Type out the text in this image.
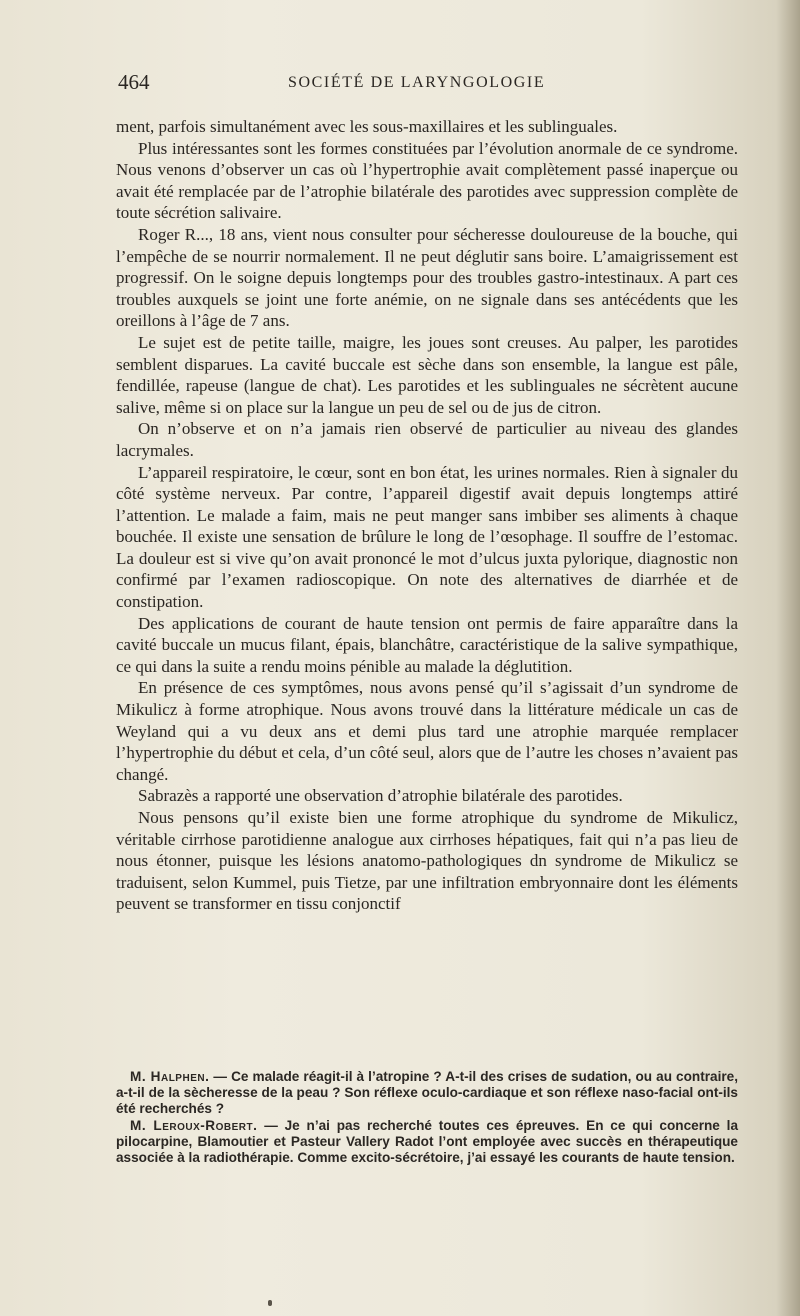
464	SOCIÉTÉ DE LARYNGOLOGIE

ment, parfois simultanément avec les sous-maxillaires et les sublinguales.

Plus intéressantes sont les formes constituées par l’évolution anormale de ce syndrome. Nous venons d’observer un cas où l’hypertrophie avait complètement passé inaperçue ou avait été remplacée par de l’atrophie bilatérale des parotides avec suppression complète de toute sécrétion salivaire.

Roger R..., 18 ans, vient nous consulter pour sécheresse douloureuse de la bouche, qui l’empêche de se nourrir normalement. Il ne peut déglutir sans boire. L’amaigrissement est progressif. On le soigne depuis longtemps pour des troubles gastro-intestinaux. A part ces troubles auxquels se joint une forte anémie, on ne signale dans ses antécédents que les oreillons à l’âge de 7 ans.

Le sujet est de petite taille, maigre, les joues sont creuses. Au palper, les parotides semblent disparues. La cavité buccale est sèche dans son ensemble, la langue est pâle, fendillée, rapeuse (langue de chat). Les parotides et les sublinguales ne sécrètent aucune salive, même si on place sur la langue un peu de sel ou de jus de citron.

On n’observe et on n’a jamais rien observé de particulier au niveau des glandes lacrymales.

L’appareil respiratoire, le cœur, sont en bon état, les urines normales. Rien à signaler du côté système nerveux. Par contre, l’appareil digestif avait depuis longtemps attiré l’attention. Le malade a faim, mais ne peut manger sans imbiber ses aliments à chaque bouchée. Il existe une sensation de brûlure le long de l’œsophage. Il souffre de l’estomac. La douleur est si vive qu’on avait prononcé le mot d’ulcus juxta pylorique, diagnostic non confirmé par l’examen radioscopique. On note des alternatives de diarrhée et de constipation.

Des applications de courant de haute tension ont permis de faire apparaître dans la cavité buccale un mucus filant, épais, blanchâtre, caractéristique de la salive sympathique, ce qui dans la suite a rendu moins pénible au malade la déglutition.

En présence de ces symptômes, nous avons pensé qu’il s’agissait d’un syndrome de Mikulicz à forme atrophique. Nous avons trouvé dans la littérature médicale un cas de Weyland qui a vu deux ans et demi plus tard une atrophie marquée remplacer l’hypertrophie du début et cela, d’un côté seul, alors que de l’autre les choses n’avaient pas changé.

Sabrazès a rapporté une observation d’atrophie bilatérale des parotides.

Nous pensons qu’il existe bien une forme atrophique du syndrome de Mikulicz, véritable cirrhose parotidienne analogue aux cirrhoses hépatiques, fait qui n’a pas lieu de nous étonner, puisque les lésions anatomo-pathologiques dn syndrome de Mikulicz se traduisent, selon Kummel, puis Tietze, par une infiltration embryonnaire dont les éléments peuvent se transformer en tissu conjonctif

M. Halphen. — Ce malade réagit-il à l’atropine ? A-t-il des crises de sudation, ou au contraire, a-t-il de la sècheresse de la peau ? Son réflexe oculo-cardiaque et son réflexe naso-facial ont-ils été recherchés ?

M. Leroux-Robert. — Je n’ai pas recherché toutes ces épreuves. En ce qui concerne la pilocarpine, Blamoutier et Pasteur Vallery Radot l’ont employée avec succès en thérapeutique associée à la radiothérapie. Comme excito-sécrétoire, j’ai essayé les courants de haute tension.
